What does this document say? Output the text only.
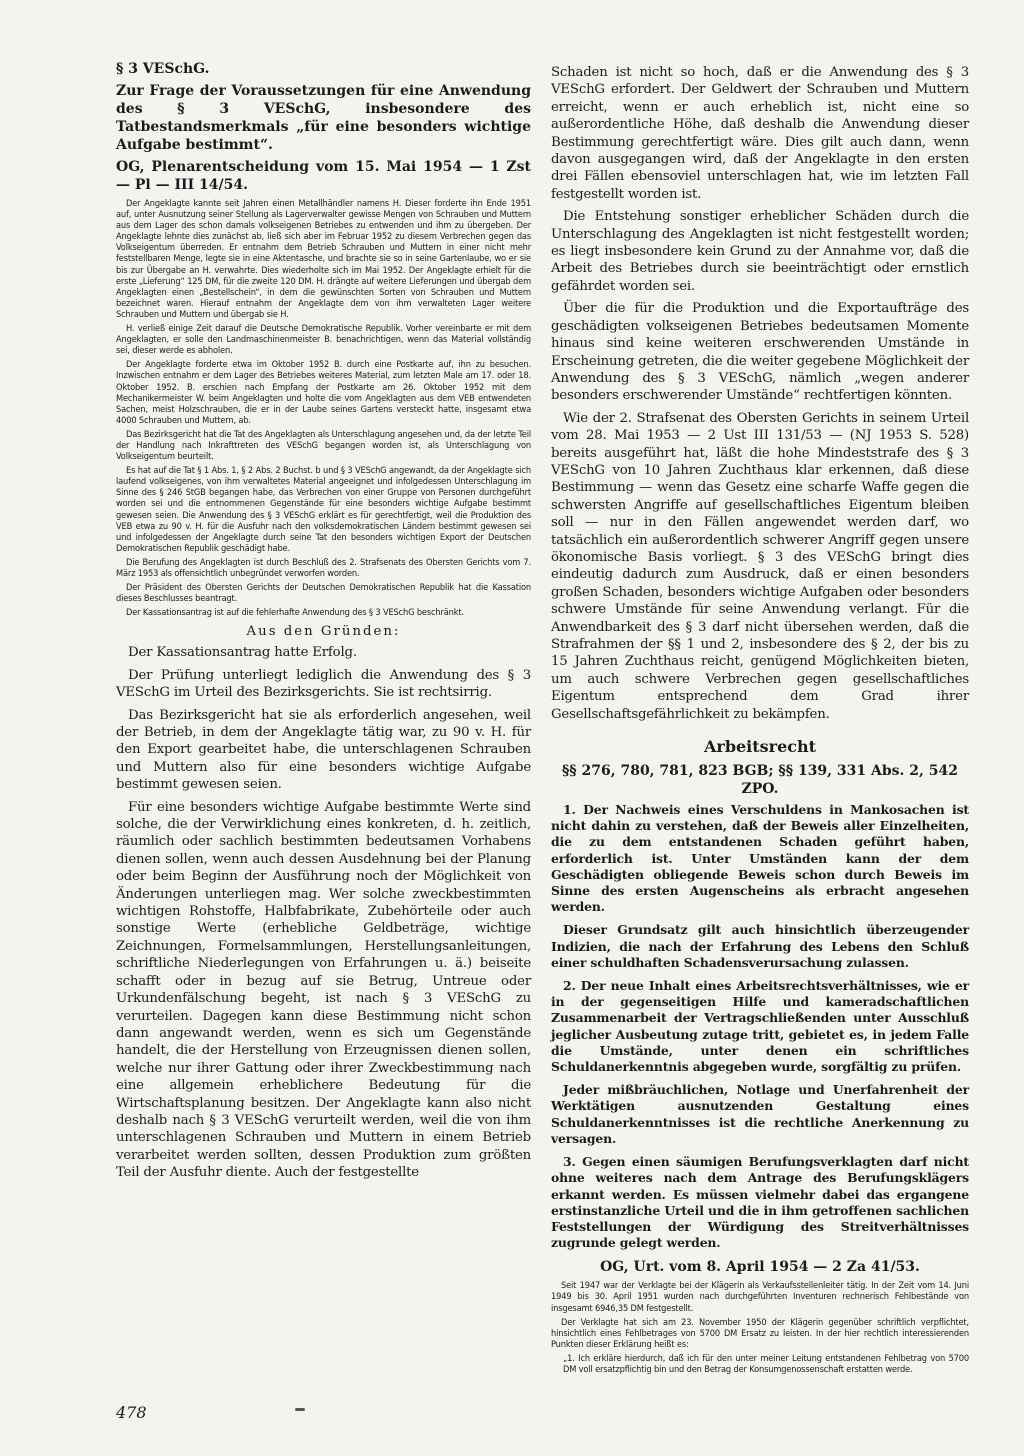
§ 3 VESchG.

Zur Frage der Voraussetzungen für eine Anwendung des § 3 VESchG, insbesondere des Tatbestandsmerkmals „für eine besonders wichtige Aufgabe bestimmt“.

OG, Plenarentscheidung vom 15. Mai 1954 — 1 Zst — Pl — III 14/54.

Der Angeklagte kannte seit Jahren einen Metallhändler namens H. Dieser forderte ihn Ende 1951 auf, unter Ausnutzung seiner Stellung als Lagerverwalter gewisse Mengen von Schrauben und Muttern aus dem Lager des schon damals volkseigenen Betriebes zu entwenden und ihm zu übergeben. Der Angeklagte lehnte dies zunächst ab, ließ sich aber im Februar 1952 zu diesem Verbrechen gegen das Volkseigentum überreden. Er entnahm dem Betrieb Schrauben und Muttern in einer nicht mehr feststellbaren Menge, legte sie in eine Aktentasche, und brachte sie so in seine Gartenlaube, wo er sie bis zur Übergabe an H. verwahrte. Dies wiederholte sich im Mai 1952. Der Angeklagte erhielt für die erste „Lieferung“ 125 DM, für die zweite 120 DM. H. drängte auf weitere Lieferungen und übergab dem Angeklagten einen „Bestellschein“, in dem die gewünschten Sorten von Schrauben und Muttern bezeichnet waren. Hierauf entnahm der Angeklagte dem von ihm verwalteten Lager weitere Schrauben und Muttern und übergab sie H.

H. verließ einige Zeit darauf die Deutsche Demokratische Republik. Vorher vereinbarte er mit dem Angeklagten, er solle den Landmaschinenmeister B. benachrichtigen, wenn das Material vollständig sei, dieser werde es abholen.

Der Angeklagte forderte etwa im Oktober 1952 B. durch eine Postkarte auf, ihn zu besuchen. Inzwischen entnahm er dem Lager des Betriebes weiteres Material, zum letzten Male am 17. oder 18. Oktober 1952. B. erschien nach Empfang der Postkarte am 26. Oktober 1952 mit dem Mechanikermeister W. beim Angeklagten und holte die vom Angeklagten aus dem VEB entwendeten Sachen, meist Holzschrauben, die er in der Laube seines Gartens versteckt hatte, insgesamt etwa 4000 Schrauben und Muttern, ab.

Das Bezirksgericht hat die Tat des Angeklagten als Unterschlagung angesehen und, da der letzte Teil der Handlung nach Inkrafttreten des VESchG begangen worden ist, als Unterschlagung von Volkseigentum beurteilt.

Es hat auf die Tat § 1 Abs. 1, § 2 Abs. 2 Buchst. b und § 3 VESchG angewandt, da der Angeklagte sich laufend volkseigenes, von ihm verwaltetes Material angeeignet und infolgedessen Unterschlagung im Sinne des § 246 StGB begangen habe, das Verbrechen von einer Gruppe von Personen durchgeführt worden sei und die entnommenen Gegenstände für eine besonders wichtige Aufgabe bestimmt gewesen seien. Die Anwendung des § 3 VESchG erklärt es für gerechtfertigt, weil die Produktion des VEB etwa zu 90 v. H. für die Ausfuhr nach den volksdemokratischen Ländern bestimmt gewesen sei und infolgedessen der Angeklagte durch seine Tat den besonders wichtigen Export der Deutschen Demokratischen Republik geschädigt habe.

Die Berufung des Angeklagten ist durch Beschluß des 2. Strafsenats des Obersten Gerichts vom 7. März 1953 als offensichtlich unbegründet verworfen worden.

Der Präsident des Obersten Gerichts der Deutschen Demokratischen Republik hat die Kassation dieses Beschlusses beantragt.

Der Kassationsantrag ist auf die fehlerhafte Anwendung des § 3 VESchG beschränkt.

Aus den Gründen:

Der Kassationsantrag hatte Erfolg.

Der Prüfung unterliegt lediglich die Anwendung des § 3 VESchG im Urteil des Bezirksgerichts. Sie ist rechtsirrig.

Das Bezirksgericht hat sie als erforderlich angesehen, weil der Betrieb, in dem der Angeklagte tätig war, zu 90 v. H. für den Export gearbeitet habe, die unterschlagenen Schrauben und Muttern also für eine besonders wichtige Aufgabe bestimmt gewesen seien.

Für eine besonders wichtige Aufgabe bestimmte Werte sind solche, die der Verwirklichung eines konkreten, d. h. zeitlich, räumlich oder sachlich bestimmten bedeutsamen Vorhabens dienen sollen, wenn auch dessen Ausdehnung bei der Planung oder beim Beginn der Ausführung noch der Möglichkeit von Änderungen unterliegen mag. Wer solche zweckbestimmten wichtigen Rohstoffe, Halbfabrikate, Zubehörteile oder auch sonstige Werte (erhebliche Geldbeträge, wichtige Zeichnungen, Formelsammlungen, Herstellungsanleitungen, schriftliche Niederlegungen von Erfahrungen u. ä.) beiseite schafft oder in bezug auf sie Betrug, Untreue oder Urkundenfälschung begeht, ist nach § 3 VESchG zu verurteilen. Dagegen kann diese Bestimmung nicht schon dann angewandt werden, wenn es sich um Gegenstände handelt, die der Herstellung von Erzeugnissen dienen sollen, welche nur ihrer Gattung oder ihrer Zweckbestimmung nach eine allgemein erheblichere Bedeutung für die Wirtschaftsplanung besitzen. Der Angeklagte kann also nicht deshalb nach § 3 VESchG verurteilt werden, weil die von ihm unterschlagenen Schrauben und Muttern in einem Betrieb verarbeitet werden sollten, dessen Produktion zum größten Teil der Ausfuhr diente. Auch der festgestellte

Schaden ist nicht so hoch, daß er die Anwendung des § 3 VESchG erfordert. Der Geldwert der Schrauben und Muttern erreicht, wenn er auch erheblich ist, nicht eine so außerordentliche Höhe, daß deshalb die Anwendung dieser Bestimmung gerechtfertigt wäre. Dies gilt auch dann, wenn davon ausgegangen wird, daß der Angeklagte in den ersten drei Fällen ebensoviel unterschlagen hat, wie im letzten Fall festgestellt worden ist.

Die Entstehung sonstiger erheblicher Schäden durch die Unterschlagung des Angeklagten ist nicht festgestellt worden; es liegt insbesondere kein Grund zu der Annahme vor, daß die Arbeit des Betriebes durch sie beeinträchtigt oder ernstlich gefährdet worden sei.

Über die für die Produktion und die Exportaufträge des geschädigten volkseigenen Betriebes bedeutsamen Momente hinaus sind keine weiteren erschwerenden Umstände in Erscheinung getreten, die die weiter gegebene Möglichkeit der Anwendung des § 3 VESchG, nämlich „wegen anderer besonders erschwerender Umstände“ rechtfertigen könnten.

Wie der 2. Strafsenat des Obersten Gerichts in seinem Urteil vom 28. Mai 1953 — 2 Ust III 131/53 — (NJ 1953 S. 528) bereits ausgeführt hat, läßt die hohe Mindeststrafe des § 3 VESchG von 10 Jahren Zuchthaus klar erkennen, daß diese Bestimmung — wenn das Gesetz eine scharfe Waffe gegen die schwersten Angriffe auf gesellschaftliches Eigentum bleiben soll — nur in den Fällen angewendet werden darf, wo tatsächlich ein außerordentlich schwerer Angriff gegen unsere ökonomische Basis vorliegt. § 3 des VESchG bringt dies eindeutig dadurch zum Ausdruck, daß er einen besonders großen Schaden, besonders wichtige Aufgaben oder besonders schwere Umstände für seine Anwendung verlangt. Für die Anwendbarkeit des § 3 darf nicht übersehen werden, daß die Strafrahmen der §§ 1 und 2, insbesondere des § 2, der bis zu 15 Jahren Zuchthaus reicht, genügend Möglichkeiten bieten, um auch schwere Verbrechen gegen gesellschaftliches Eigentum entsprechend dem Grad ihrer Gesellschaftsgefährlichkeit zu bekämpfen.

Arbeitsrecht

§§ 276, 780, 781, 823 BGB; §§ 139, 331 Abs. 2, 542 ZPO.

1. Der Nachweis eines Verschuldens in Mankosachen ist nicht dahin zu verstehen, daß der Beweis aller Einzelheiten, die zu dem entstandenen Schaden geführt haben, erforderlich ist. Unter Umständen kann der dem Geschädigten obliegende Beweis schon durch Beweis im Sinne des ersten Augenscheins als erbracht angesehen werden.

Dieser Grundsatz gilt auch hinsichtlich überzeugender Indizien, die nach der Erfahrung des Lebens den Schluß einer schuldhaften Schadensverursachung zulassen.

2. Der neue Inhalt eines Arbeitsrechtsverhältnisses, wie er in der gegenseitigen Hilfe und kameradschaftlichen Zusammenarbeit der Vertragschließenden unter Ausschluß jeglicher Ausbeutung zutage tritt, gebietet es, in jedem Falle die Umstände, unter denen ein schriftliches Schuldanerkenntnis abgegeben wurde, sorgfältig zu prüfen.

Jeder mißbräuchlichen, Notlage und Unerfahrenheit der Werktätigen ausnutzenden Gestaltung eines Schuldanerkenntnisses ist die rechtliche Anerkennung zu versagen.

3. Gegen einen säumigen Berufungsverklagten darf nicht ohne weiteres nach dem Antrage des Berufungsklägers erkannt werden. Es müssen vielmehr dabei das ergangene erstinstanzliche Urteil und die in ihm getroffenen sachlichen Feststellungen der Würdigung des Streitverhältnisses zugrunde gelegt werden.

OG, Urt. vom 8. April 1954 — 2 Za 41/53.

Seit 1947 war der Verklagte bei der Klägerin als Verkaufsstellenleiter tätig. In der Zeit vom 14. Juni 1949 bis 30. April 1951 wurden nach durchgeführten Inventuren rechnerisch Fehlbestände von insgesamt 6946,35 DM festgestellt.

Der Verklagte hat sich am 23. November 1950 der Klägerin gegenüber schriftlich verpflichtet, hinsichtlich eines Fehlbetrages von 5700 DM Ersatz zu leisten. In der hier rechtlich interessierenden Punkten dieser Erklärung heißt es:

„1. Ich erkläre hierdurch, daß ich für den unter meiner Leitung entstandenen Fehlbetrag von 5700 DM voll ersatzpflichtig bin und den Betrag der Konsumgenossenschaft erstatten werde.

478
